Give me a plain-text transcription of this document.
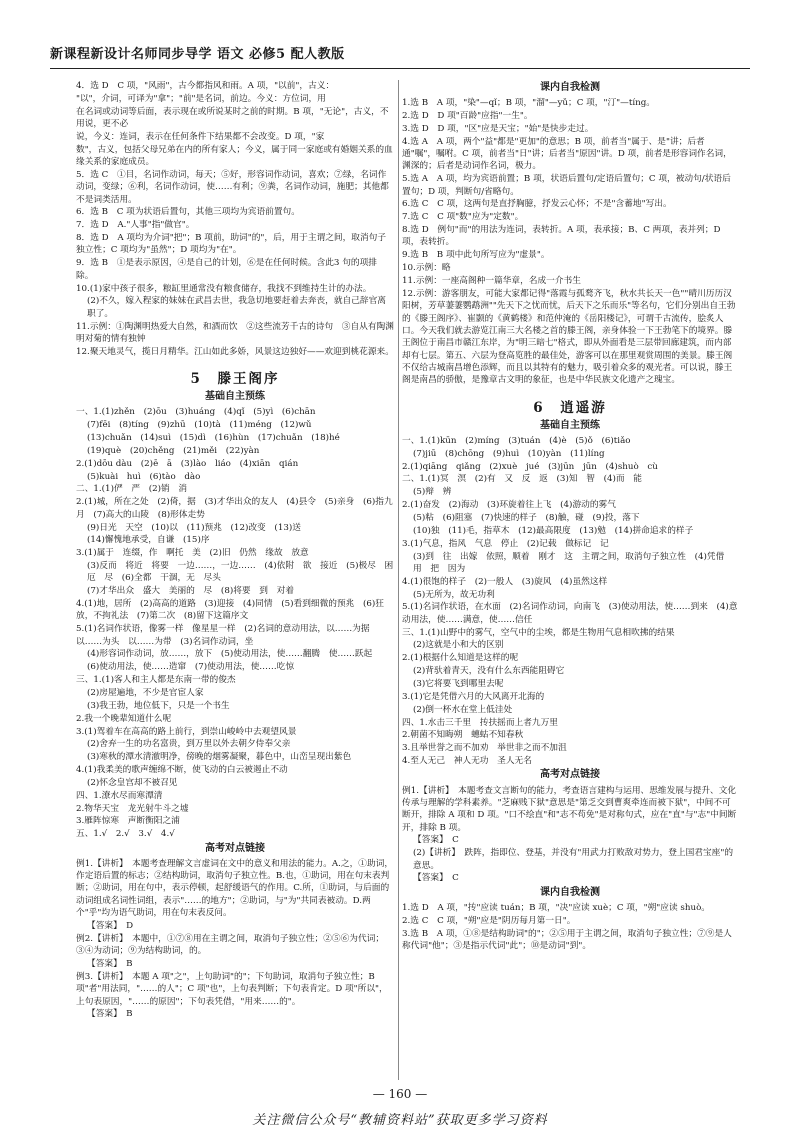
新课程新设计名师同步导学 语文 必修5 配人教版

4．选 D　C 项，"风雨"，古今都指风和雨。A 项，"以前"，古义：

"以"，介词，可译为"拿"；"前"是名词，前边。今义：方位词，用

在名词或动词等后面，表示现在或所说某时之前的时期。B 项，"无论"，古义，不用说，更不必

说，今义：连词，表示在任何条件下结果都不会改变。D 项，"家

数"，古义，包括父母兄弟在内的所有家人；今义，属于同一家庭或有婚姻关系的血缘关系的家庭成员。

5．选 C　①目，名词作动词，每天；⑤好，形容词作动词，喜欢；⑦绿，名词作动词，变绿；⑥利，名词作动词，使……有利；⑨粪，名词作动词，施肥；其他都不是词类活用。

6．选 B　C 项为状语后置句，其他三项均为宾语前置句。

7．选 D　A."人事"指"做官"。

8．选 D　A 项均为介词"把"；B 项前，助词"的"，后，用于主谓之间，取消句子独立性；C 项均为"虽然"；D 项均为"在"。

9．选 B　①是表示原因，④是自己的计划，⑥是在任何时候。含此3 句的项排除。

10.(1)家中孩子很多，粮缸里通常没有粮食储存，我找不到维持生计的办法。

(2)不久，嫁入程家的妹妹在武昌去世，我急切地要赶着去奔丧，就自己辞官离职了。

11.示例：①陶渊明热爱大自然，和酒而饮　②这些流芳千古的诗句　③自从有陶渊明对菊的情有独钟

12.聚天地灵气，揽日月精华。江山如此多娇，风景这边独好——欢迎到桃花源来。

5　滕王阁序
基础自主预练

一、1.(1)zhěn　(2)ōu　(3)huáng　(4)qǐ　(5)yì　(6)chān

(7)fēi　(8)tíng　(9)zhū　(10)tà　(11)méng　(12)wǔ

(13)chuǎn　(14)suì　(15)dì　(16)hùn　(17)chuǎn　(18)hé

(19)què　(20)chěng　(21)měi　(22)yàn

2.(1)dōu dàu　(2)ē　ā　(3)lào　liáo　(4)xiān　qián

(5)kuài　huì　(6)tào　dào

二、1.(1)俨　严　(2)销　消

2.(1)城，所在之处　(2)倚，据　(3)才华出众的友人　(4)县令　(5)亲身　(6)指九月　(7)高大的山陵　(8)形体走势

(9)日光　天空　(10)以　(11)预兆　(12)改变　(13)送

(14)懈愧地承受，自谦　(15)序

3.(1)属于　连缀，作　啊托　美　(2)旧　仍然　缘故　放意

(3)反而　将近　将要　一边……，一边……　(4)依附　欲　接近　(5)极尽　困厄　尽　(6)全都　干涸，无　尽头

(7)才华出众　盛大　美丽的　尽　(8)将要　到　对着

4.(1)地，居所　(2)高高的道路　(3)迎接　(4)同情　(5)看到细微的预兆　(6)狂放，不拘礼法　(7)第二次　(8)留下这篇序文

5.(1)名词作状语，像雾一样　像星星一样　(2)名词的意动用法，以……为据　以……为头　以……为带　(3)名词作动词，坐

(4)形容词作动词，放……，放下　(5)使动用法，使……翻腾　使……跃起

(6)使动用法，使……造窜　(7)使动用法，使……吃惊

三、1.(1)客人和主人都是东南一带的俊杰

(2)房屋遍地，不少是官宦人家

(3)我王勃，地位低下，只是一个书生

2.我一个晚辈知道什么呢

3.(1)驾着车在高高的路上前行，到崇山峻岭中去观望风景

(2)舍弃一生的功名富贵，到万里以外去朝夕侍奉父亲

(3)寒秋的潭水清澈明净，傍晚的烟雾凝聚，暮色中，山峦呈现出紫色

4.(1)我柔美的歌声缠绵不断，使飞动的白云被遏止不动

(2)怀念皇宫却不被召见

四、1.潦水尽而寒潭清

2.物华天宝　龙光射牛斗之墟

3.雁阵惊寒　声断衡阳之浦

五、1.√　2.√　3.√　4.√

高考对点链接

例1.【讲析】　本题考查理解文言虚词在文中的意义和用法的能力。A.之，①助词，作定语后置的标志；②结构助词，取消句子独立性。B.也，①助词，用在句末表判断；②助词，用在句中，表示停顿，起舒缓语气的作用。C.所，①助词，与后面的动词组成名词性词组，表示"……的地方"；②助词，与"为"共同表被动。D.两个"乎"均为语气助词，用在句末表反问。

【答案】　D

例2.【讲析】　本题中，①⑦⑧用在主谓之间，取消句子独立性；②⑤⑥为代词；③④为动词；⑨为结构助词，的。

【答案】　B

例3.【讲析】　本题 A 项"之"，上句助词"的"；下句助词，取消句子独立性；B 项"者"用法同，"……的人"；C 项"也"，上句表判断；下句表肯定。D 项"所以"，上句表原因，"……的原因"；下句表凭借，"用来……的"。

【答案】　B

课内自我检测

1.选 B　A 项，"染"—qǐ；B 项，"溜"—yǔ；C 项，"汀"—tíng。

2.选 D　D 项"百龄"应指"一生"。

3.选 D　D 项，"区"应是天宝；"始"是快步走过。

4.选 A　A 项，两个"益"都是"更加"的意思；B 项，前者当"属于、是"讲；后者通"嘱"，嘱咐。C 项，前者当"日"讲；后者当"原因"讲。D 项，前者是形容词作名词，渊深的；后者是动词作名词，极力。

5.选 A　A 项，均为宾语前置；B 项，状语后置句/定语后置句；C 项，被动句/状语后置句；D 项，判断句/省略句。

6.选 C　C 项，这两句是直抒胸臆，抒发云心怀；不是"含蓄地"写出。

7.选 C　C 项"数"应为"定数"。

8.选 D　例句"而"的用法为连词，表转折。A 项，表承接；B、C 两项，表并列；D 项，表转折。

9.选 B　B 项中此句所写应为"虚景"。

10.示例：略

11.示例：一座高阁种一篇华章，名成一介书生

12.示例：游客朋友，可能大家都记得"落霞与孤鹜齐飞，秋水共长天一色""晴川历历汉阳树，芳草萋萋鹦鹉洲""先天下之忧而忧，后天下之乐而乐"等名句，它们分别出自王勃的《滕王阁序》、崔颢的《黄鹤楼》和范仲淹的《岳阳楼记》，可谓千古流传，脍炙人口。今天我们就去游览江南三大名楼之首的滕王阁，亲身体验一下王勃笔下的境界。滕王阁位于南昌市赣江东岸，为"明三暗七"格式，即从外面看是三层带回廊建筑，而内部却有七层。第五、六层为登高览胜的最佳处，游客可以在那里观赏周围的美景。滕王阁不仅给古城南昌增色添辉，而且以其特有的魅力，吸引着众多的观光者。可以说，滕王阁是南昌的骄傲，是豫章古文明的象征，也是中华民族文化遗产之瑰宝。

6　逍遥游
基础自主预练

一、1.(1)kūn　(2)míng　(3)tuán　(4)è　(5)ǒ　(6)tiǎo

(7)jiū　(8)chōng　(9)huì　(10)yàn　(11)líng

2.(1)qiāng　qiǎng　(2)xuè　jué　(3)jūn　jūn　(4)shuò　cù

二、1.(1)冥　溟　(2)有　又　反　返　(3)知　智　(4)而　能

(5)辩　辨

2.(1)奋发　(2)海动　(3)环旋着往上飞　(4)游动的雾气

(5)粘　(6)阻塞　(7)快速的样子　(8)触，碰　(9)投，落下

(10)独　(11)毛，指草木　(12)最高限度　(13)勉　(14)拼命追求的样子

3.(1)气息，指风　气息　停止　(2)记载　做标记　记

(3)到　往　出嫁　依照，顺着　刚才　这　主谓之间，取消句子独立性　(4)凭借　用　把　因为

4.(1)很饱的样子　(2)一般人　(3)旋风　(4)虽然这样

(5)无所为，故无功利

5.(1)名词作状语，在水面　(2)名词作动词，向南飞　(3)使动用法，使……到来　(4)意动用法，使……满意，使……信任

三、1.(1)山野中的雾气，空气中的尘埃，都是生物用气息相吹拂的结果

(2)这就是小和大的区别

2.(1)根据什么知道是这样的呢

(2)背驮着青天，没有什么东西能阻碍它

(3)它将要飞到哪里去呢

3.(1)它是凭借六月的大风离开北海的

(2)倒一杯水在堂上低洼处

四、1.水击三千里　抟扶摇而上者九万里

2.朝菌不知晦朔　蟪蛄不知春秋

3.且举世誉之而不加劝　举世非之而不加沮

4.至人无己　神人无功　圣人无名

高考对点链接

例1.【讲析】　本题考查文言断句的能力，考查语言建构与运用、思维发展与提升、文化传承与理解的学科素养。"芝麻贱下狱"意思是"第乏交到曹爽牵连而被下狱"，中间不可断开，排除 A 项和 D 项。"口不绘直"和"志不苟免"是对称句式，应在"直"与"志"中间断开，排除 B 项。

【答案】　C

(2)【讲析】　跌阵，指即位、登基，并没有"用武力打败敌对势力，登上国君宝座"的意思。

【答案】　C

课内自我检测

1.选 D　A 项，"抟"应读 tuán；B 项，"决"应读 xuè；C 项，"朔"应读 shuò。

2.选 C　C 项，"朔"应是"阴历每月第一日"。

3.选 B　A 项，①⑧是结构助词"的"；②⑤用于主谓之间，取消句子独立性；⑦⑨是人称代词"他"；③是指示代词"此"；⑩是动词"到"。

— 160 —
关注微信公众号“教辅资料站”获取更多学习资料
